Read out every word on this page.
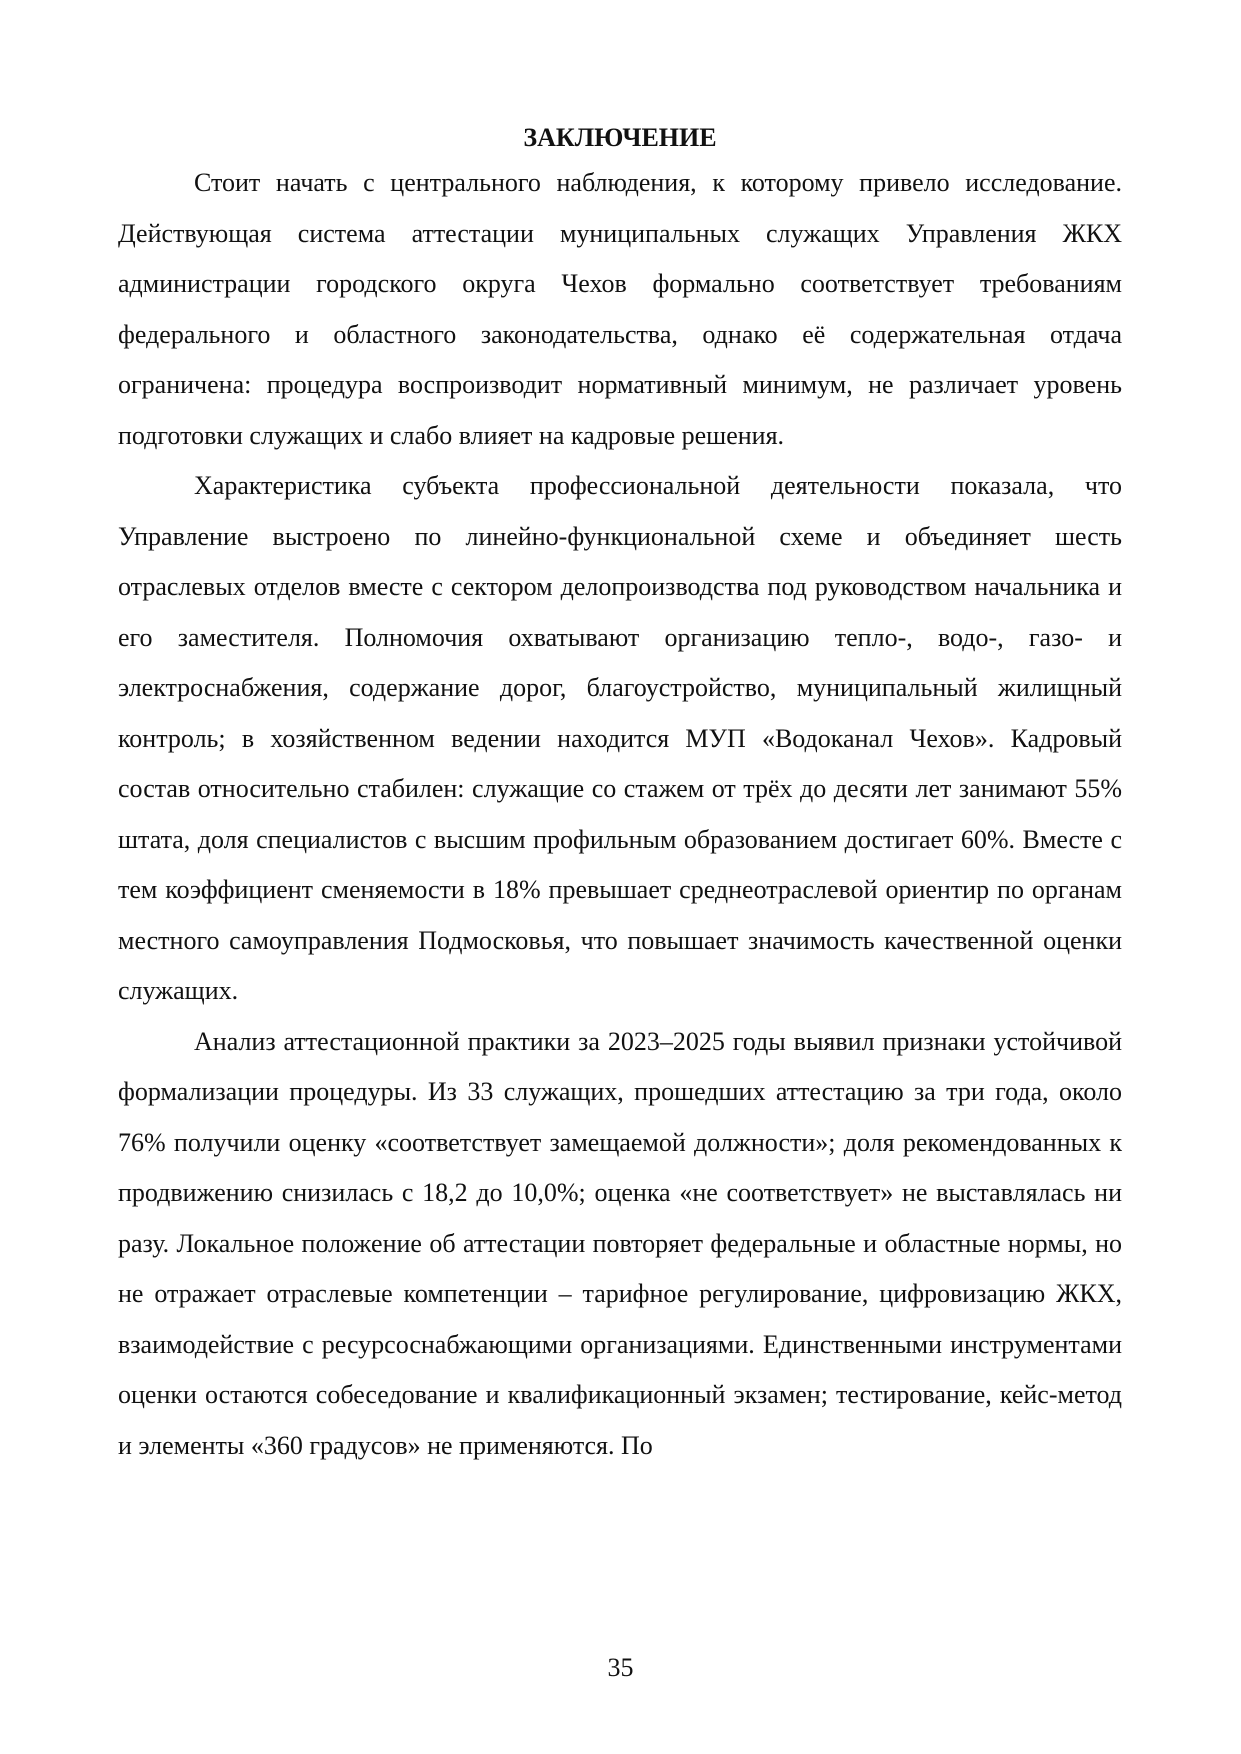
ЗАКЛЮЧЕНИЕ

Стоит начать с центрального наблюдения, к которому привело исследование. Действующая система аттестации муниципальных служащих Управления ЖКХ администрации городского округа Чехов формально соответствует требованиям федерального и областного законодательства, однако её содержательная отдача ограничена: процедура воспроизводит нормативный минимум, не различает уровень подготовки служащих и слабо влияет на кадровые решения.

Характеристика субъекта профессиональной деятельности показала, что Управление выстроено по линейно-функциональной схеме и объединяет шесть отраслевых отделов вместе с сектором делопроизводства под руководством начальника и его заместителя. Полномочия охватывают организацию тепло-, водо-, газо- и электроснабжения, содержание дорог, благоустройство, муниципальный жилищный контроль; в хозяйственном ведении находится МУП «Водоканал Чехов». Кадровый состав относительно стабилен: служащие со стажем от трёх до десяти лет занимают 55% штата, доля специалистов с высшим профильным образованием достигает 60%. Вместе с тем коэффициент сменяемости в 18% превышает среднеотраслевой ориентир по органам местного самоуправления Подмосковья, что повышает значимость качественной оценки служащих.

Анализ аттестационной практики за 2023–2025 годы выявил признаки устойчивой формализации процедуры. Из 33 служащих, прошедших аттестацию за три года, около 76% получили оценку «соответствует замещаемой должности»; доля рекомендованных к продвижению снизилась с 18,2 до 10,0%; оценка «не соответствует» не выставлялась ни разу. Локальное положение об аттестации повторяет федеральные и областные нормы, но не отражает отраслевые компетенции – тарифное регулирование, цифровизацию ЖКХ, взаимодействие с ресурсоснабжающими организациями. Единственными инструментами оценки остаются собеседование и квалификационный экзамен; тестирование, кейс-метод и элементы «360 градусов» не применяются. По

35
